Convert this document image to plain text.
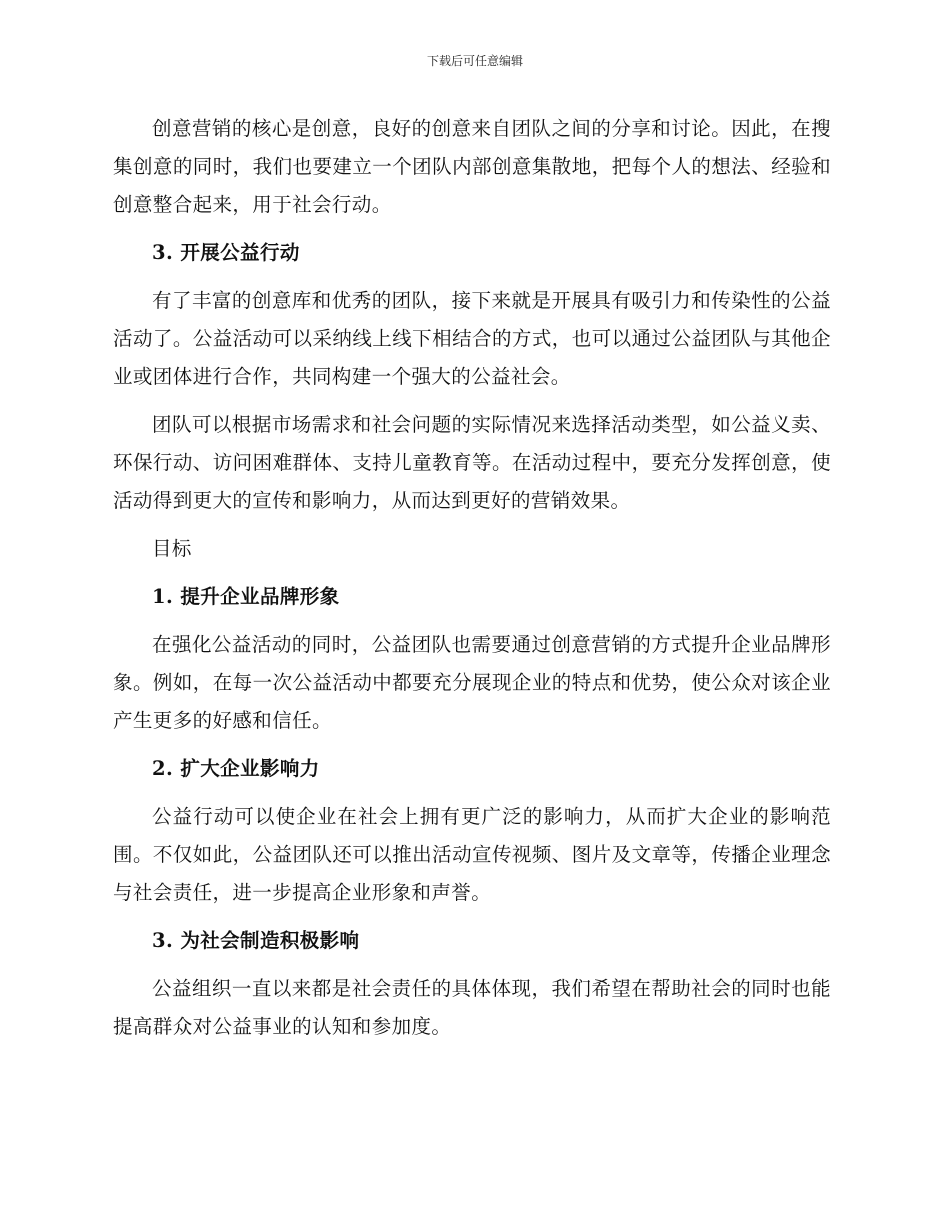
下载后可任意编辑

创意营销的核心是创意，良好的创意来自团队之间的分享和讨论。因此，在搜集创意的同时，我们也要建立一个团队内部创意集散地，把每个人的想法、经验和创意整合起来，用于社会行动。

3. 开展公益行动

有了丰富的创意库和优秀的团队，接下来就是开展具有吸引力和传染性的公益活动了。公益活动可以采纳线上线下相结合的方式，也可以通过公益团队与其他企业或团体进行合作，共同构建一个强大的公益社会。

团队可以根据市场需求和社会问题的实际情况来选择活动类型，如公益义卖、环保行动、访问困难群体、支持儿童教育等。在活动过程中，要充分发挥创意，使活动得到更大的宣传和影响力，从而达到更好的营销效果。

目标

1. 提升企业品牌形象

在强化公益活动的同时，公益团队也需要通过创意营销的方式提升企业品牌形象。例如，在每一次公益活动中都要充分展现企业的特点和优势，使公众对该企业产生更多的好感和信任。

2. 扩大企业影响力

公益行动可以使企业在社会上拥有更广泛的影响力，从而扩大企业的影响范围。不仅如此，公益团队还可以推出活动宣传视频、图片及文章等，传播企业理念与社会责任，进一步提高企业形象和声誉。

3. 为社会制造积极影响

公益组织一直以来都是社会责任的具体体现，我们希望在帮助社会的同时也能提高群众对公益事业的认知和参加度。
